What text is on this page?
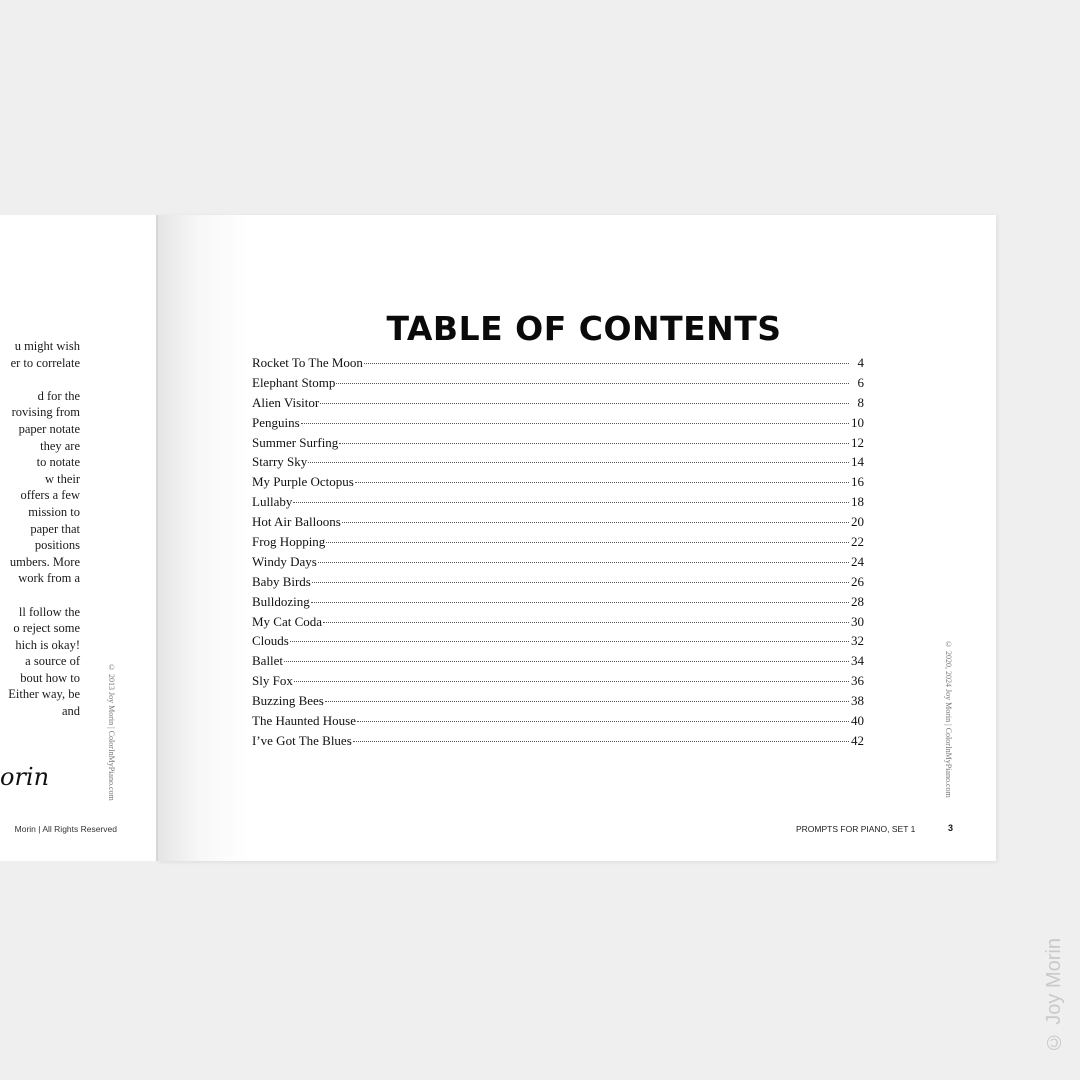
u might wish
er to correlate
d for the
rovising from
paper notate
they are
to notate
w their
offers a few
mission to
paper that
positions
umbers. More
work from a
ll follow the
o reject some
hich is okay!
a source of
bout how to
Either way, be
and
orin	© 2013 Joy Morin | ColorInMyPiano.com
Morin | All Rights Reserved
TABLE OF CONTENTS
Rocket To The Moon	4
Elephant Stomp	6
Alien Visitor	8
Penguins	10
Summer Surfing	12
Starry Sky	14
My Purple Octopus	16
Lullaby	18
Hot Air Balloons	20
Frog Hopping	22
Windy Days	24
Baby Birds	26
Bulldozing	28
My Cat Coda	30
Clouds	32
Ballet	34
Sly Fox	36
Buzzing Bees	38
The Haunted House	40
I’ve Got The Blues	42	© 2020, 2024 Joy Morin | ColorInMyPiano.com
PROMPTS FOR PIANO, SET 1	3
© Joy Morin
